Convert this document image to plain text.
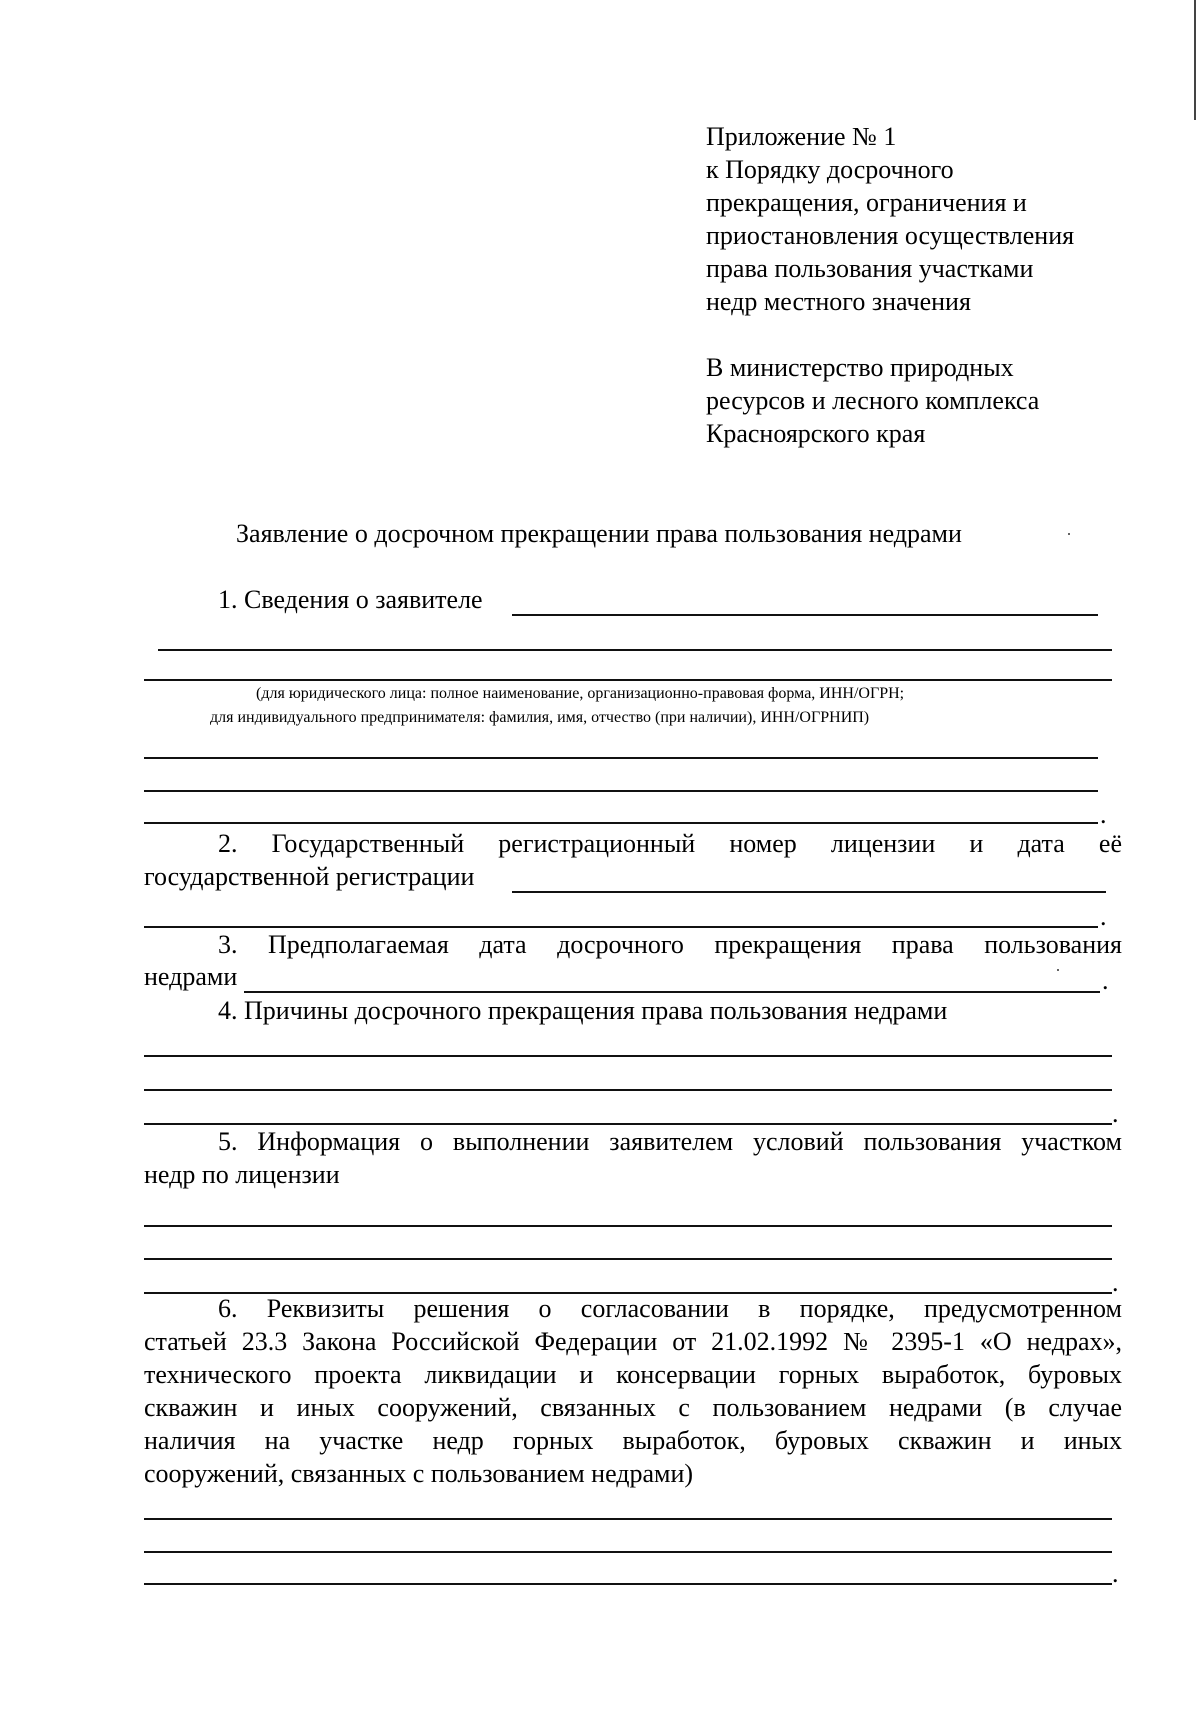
Приложение № 1
к Порядку досрочного
прекращения, ограничения и
приостановления осуществления
права пользования участками
недр местного значения
В министерство природных
ресурсов и лесного комплекса
Красноярского края
Заявление о досрочном прекращении права пользования недрами
1. Сведения о заявителе
(для юридического лица: полное наименование, организационно-правовая форма, ИНН/ОГРН;
для индивидуального предпринимателя: фамилия, имя, отчество (при наличии), ИНН/ОГРНИП)
.
2. Государственный регистрационный номер лицензии и дата её
государственной регистрации
.
3. Предполагаемая дата досрочного прекращения права пользования
недрами	.
4. Причины досрочного прекращения права пользования недрами
.
5. Информация о выполнении заявителем условий пользования участком
недр по лицензии
.
6. Реквизиты решения о согласовании в порядке, предусмотренном
статьей 23.3 Закона Российской Федерации от 21.02.1992 № 2395-1 «О недрах»,
технического проекта ликвидации и консервации горных выработок, буровых
скважин и иных сооружений, связанных с пользованием недрами (в случае
наличия на участке недр горных выработок, буровых скважин и иных
сооружений, связанных с пользованием недрами)
.
